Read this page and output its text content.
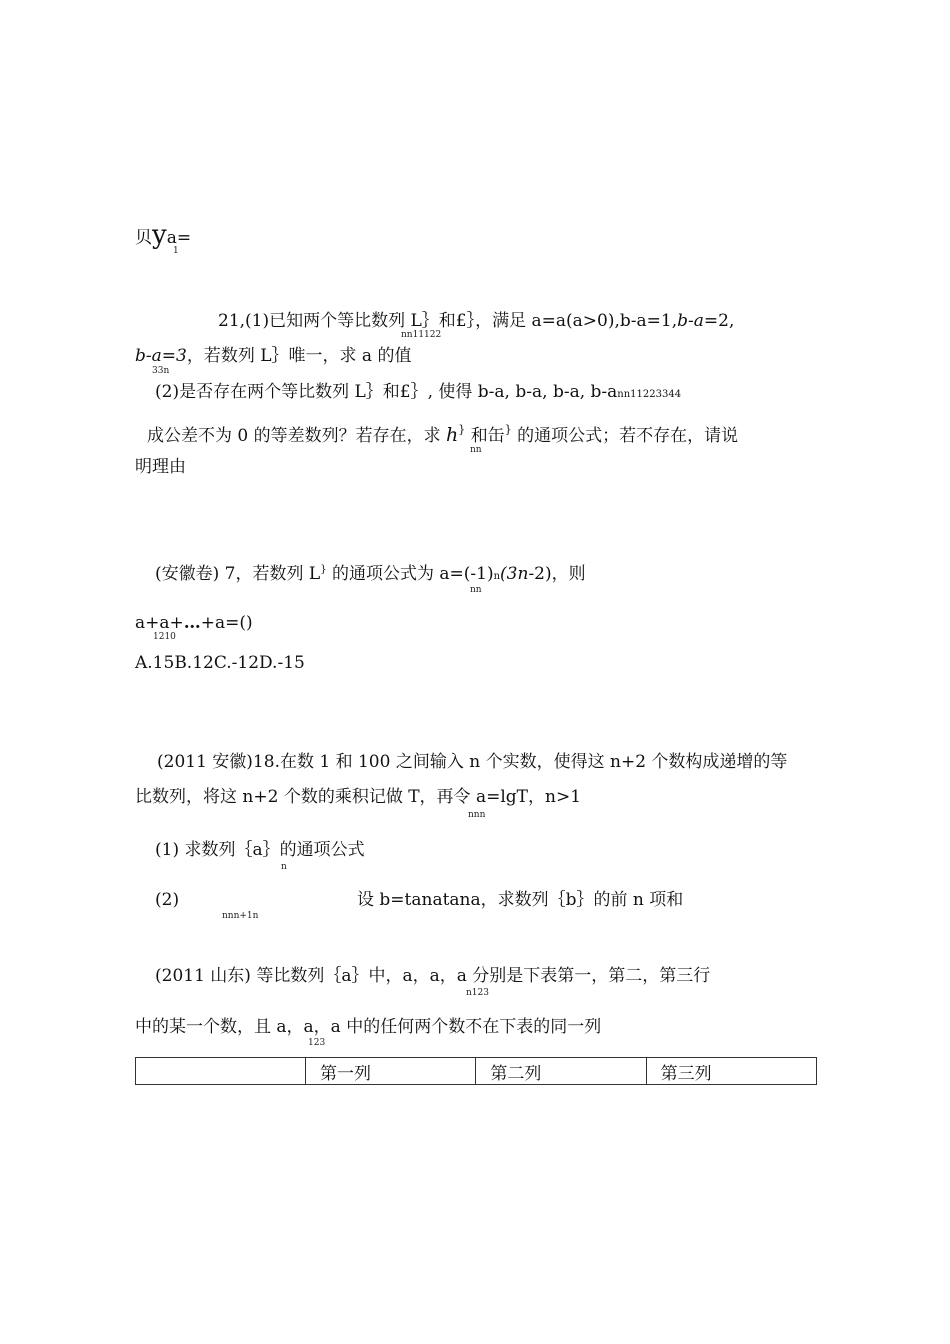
贝ya=
1
21,(1)已知两个等比数列 L｝和£｝，满足 a=a(a>0),b-a=1,b-a=2,
nn11122
b-a=3，若数列 L｝唯一，求 a 的值
33n
(2)是否存在两个等比数列 L｝和£｝, 使得 b-a, b-a, b-a, b-ann11223344
成公差不为 0 的等差数列？若存在，求 h} 和缶} 的通项公式；若不存在，请说
nn
明理由
(安徽卷) 7，若数列 L} 的通项公式为 a=(-1)n(3n-2)，则
nn
a+a+…+a=()
1210
A.15B.12C.-12D.-15
(2011 安徽)18.在数 1 和 100 之间输入 n 个实数，使得这 n+2 个数构成递增的等
比数列，将这 n+2 个数的乘积记做 T，再令 a=lgT，n>1
nnn
(1) 求数列｛a｝的通项公式
n
(2)	设 b=tanatana，求数列｛b｝的前 n 项和
nnn+1n
(2011 山东) 等比数列｛a｝中，a，a，a 分别是下表第一，第二，第三行
n123
中的某一个数，且 a，a，a 中的任何两个数不在下表的同一列
123
	第一列	第二列	第三列
